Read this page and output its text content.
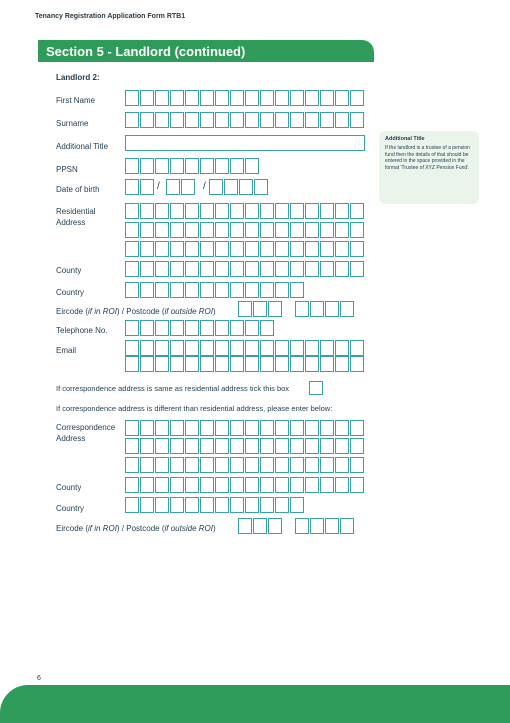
Tenancy Registration Application Form RTB1
Section 5 - Landlord (continued)
Landlord 2:
First Name
Surname
Additional Title
PPSN
Date of birth	/	/
Residential Address
County
Country
Eircode (if in ROI) / Postcode (if outside ROI)
Telephone No.
Email
If correspondence address is same as residential address tick this box
If correspondence address is different than residential address, please enter below:
Correspondence Address
County
Country
Eircode (if in ROI) / Postcode (if outside ROI)
Additional Title
If the landlord is a trustee of a pension fund then the details of that should be entered in the space provided in the format 'Trustee of XYZ Pension Fund'.
6
